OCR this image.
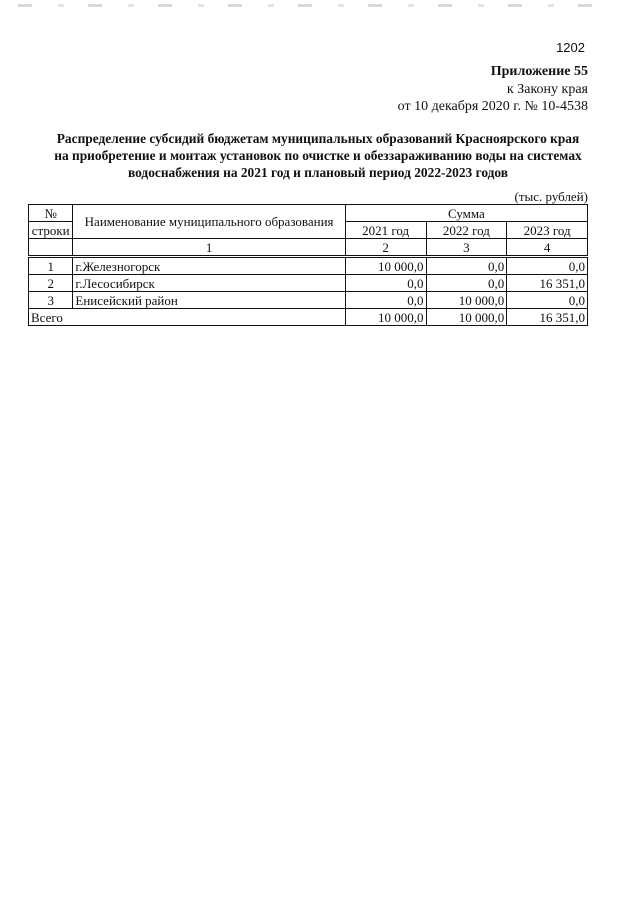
1202
Приложение 55
к Закону края
от 10 декабря 2020 г. № 10-4538
Распределение субсидий бюджетам муниципальных образований Красноярского края
на приобретение и монтаж установок по очистке и обеззараживанию воды на системах
водоснабжения на 2021 год и плановый период 2022-2023 годов
(тыс. рублей)
№	Наименование муниципального образования	Сумма		
строки		2021 год	2022 год	2023 год
	1	2	3	4
1	г.Железногорск	10 000,0	0,0	0,0
2	г.Лесосибирск	0,0	0,0	16 351,0
3	Енисейский район	0,0	10 000,0	0,0
Всего		10 000,0	10 000,0	16 351,0
